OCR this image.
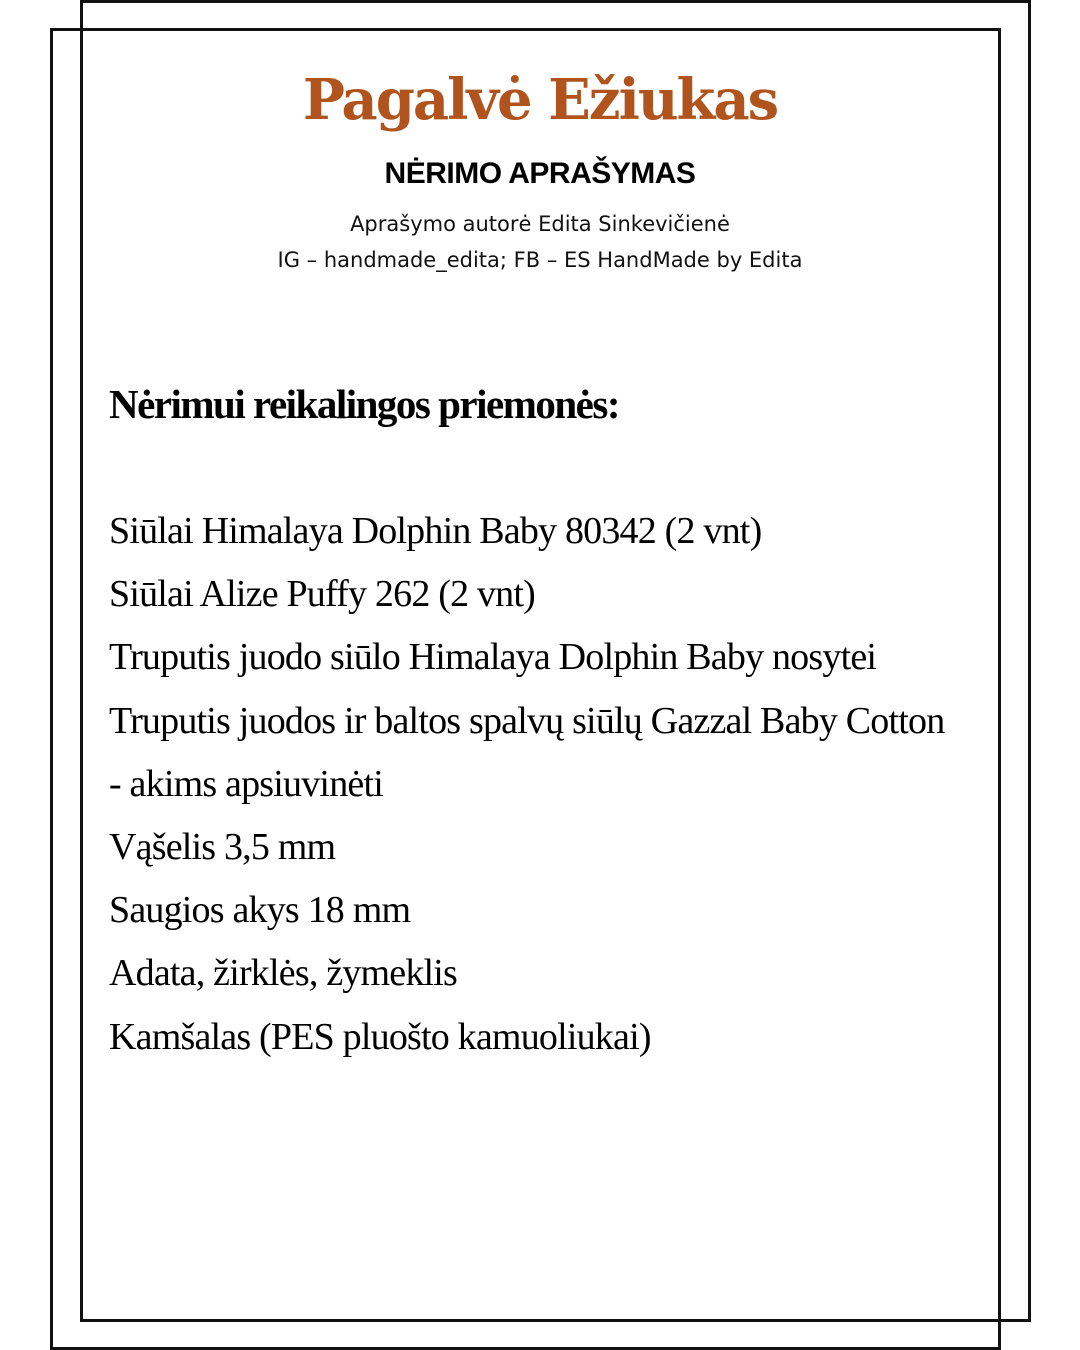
Pagalvė Ežiukas
NĖRIMO APRAŠYMAS
Aprašymo autorė Edita Sinkevičienė
IG – handmade_edita; FB – ES HandMade by Edita
Nėrimui reikalingos priemonės:
Siūlai Himalaya Dolphin Baby 80342 (2 vnt)
Siūlai Alize Puffy 262 (2 vnt)
Truputis juodo siūlo Himalaya Dolphin Baby nosytei
Truputis juodos ir baltos spalvų siūlų Gazzal Baby Cotton - akims apsiuvinėti
Vąšelis 3,5 mm
Saugios akys 18 mm
Adata, žirklės, žymeklis
Kamšalas (PES pluošto kamuoliukai)
